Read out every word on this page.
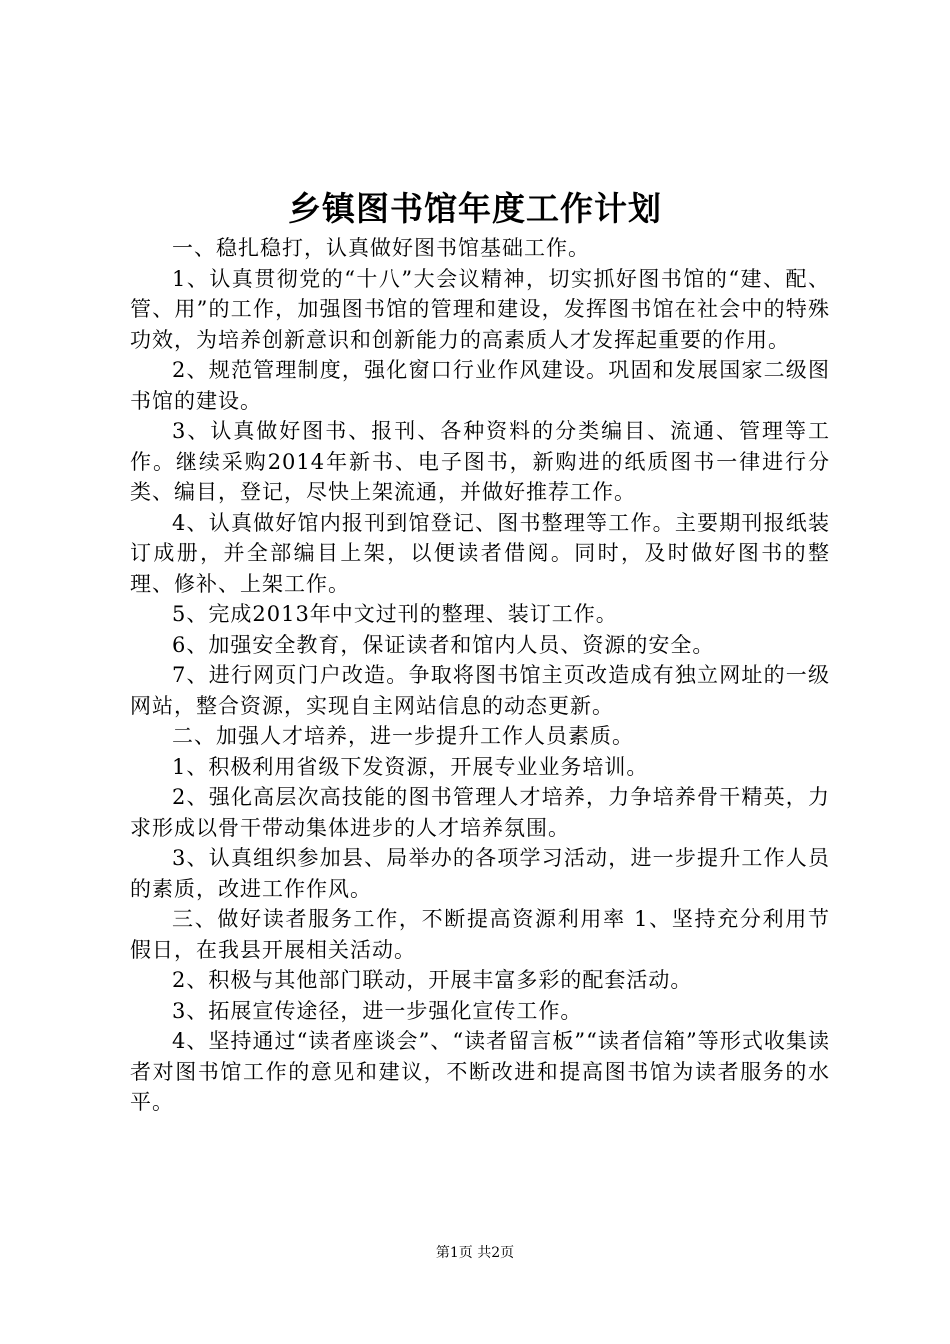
乡镇图书馆年度工作计划

一、稳扎稳打，认真做好图书馆基础工作。

1、认真贯彻党的“十八”大会议精神，切实抓好图书馆的“建、配、管、用”的工作，加强图书馆的管理和建设，发挥图书馆在社会中的特殊功效，为培养创新意识和创新能力的高素质人才发挥起重要的作用。

2、规范管理制度，强化窗口行业作风建设。巩固和发展国家二级图书馆的建设。

3、认真做好图书、报刊、各种资料的分类编目、流通、管理等工作。继续采购2014年新书、电子图书，新购进的纸质图书一律进行分类、编目，登记，尽快上架流通，并做好推荐工作。

4、认真做好馆内报刊到馆登记、图书整理等工作。主要期刊报纸装订成册，并全部编目上架，以便读者借阅。同时，及时做好图书的整理、修补、上架工作。

5、完成2013年中文过刊的整理、装订工作。

6、加强安全教育，保证读者和馆内人员、资源的安全。

7、进行网页门户改造。争取将图书馆主页改造成有独立网址的一级网站，整合资源，实现自主网站信息的动态更新。

二、加强人才培养，进一步提升工作人员素质。

1、积极利用省级下发资源，开展专业业务培训。

2、强化高层次高技能的图书管理人才培养，力争培养骨干精英，力求形成以骨干带动集体进步的人才培养氛围。

3、认真组织参加县、局举办的各项学习活动，进一步提升工作人员的素质，改进工作作风。

三、做好读者服务工作，不断提高资源利用率 1、坚持充分利用节假日，在我县开展相关活动。

2、积极与其他部门联动，开展丰富多彩的配套活动。

3、拓展宣传途径，进一步强化宣传工作。

4、坚持通过“读者座谈会”、“读者留言板”“读者信箱”等形式收集读者对图书馆工作的意见和建议，不断改进和提高图书馆为读者服务的水平。

第1页 共2页
